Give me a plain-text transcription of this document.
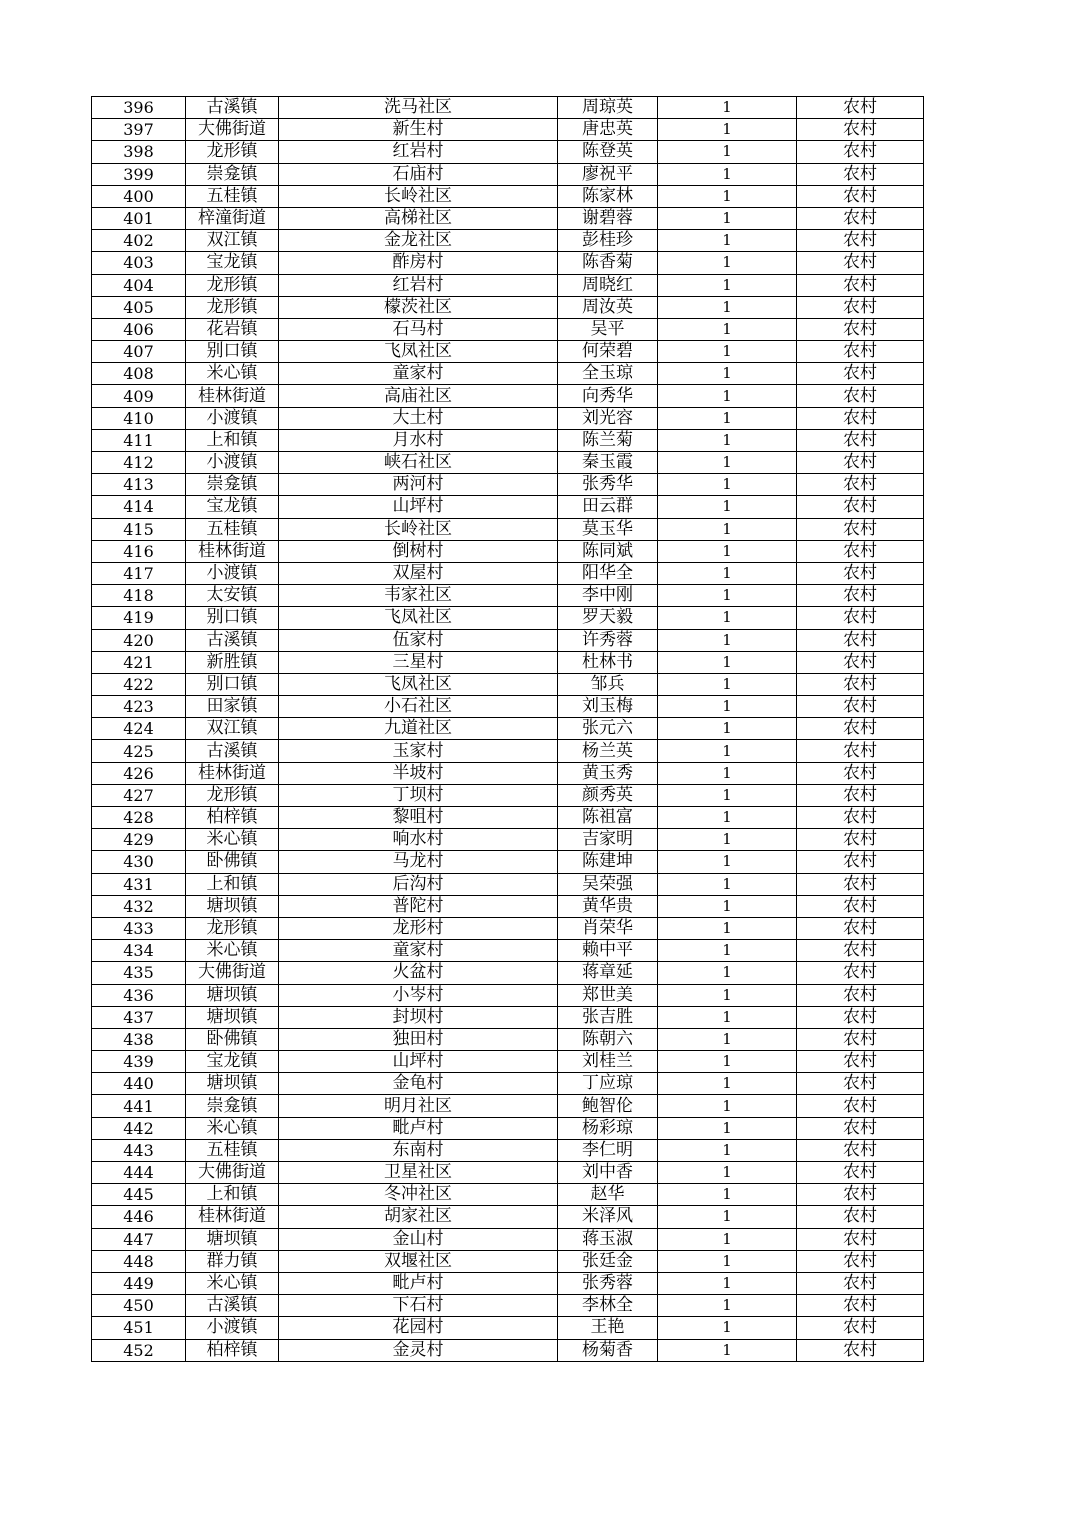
396	古溪镇	洗马社区	周琼英	1	农村
397	大佛街道	新生村	唐忠英	1	农村
398	龙形镇	红岩村	陈登英	1	农村
399	崇龛镇	石庙村	廖祝平	1	农村
400	五桂镇	长岭社区	陈家林	1	农村
401	梓潼街道	高梯社区	谢碧蓉	1	农村
402	双江镇	金龙社区	彭桂珍	1	农村
403	宝龙镇	酢房村	陈香菊	1	农村
404	龙形镇	红岩村	周晓红	1	农村
405	龙形镇	檬茨社区	周汝英	1	农村
406	花岩镇	石马村	吴平	1	农村
407	别口镇	飞凤社区	何荣碧	1	农村
408	米心镇	童家村	全玉琼	1	农村
409	桂林街道	高庙社区	向秀华	1	农村
410	小渡镇	大土村	刘光容	1	农村
411	上和镇	月水村	陈兰菊	1	农村
412	小渡镇	峡石社区	秦玉霞	1	农村
413	崇龛镇	两河村	张秀华	1	农村
414	宝龙镇	山坪村	田云群	1	农村
415	五桂镇	长岭社区	莫玉华	1	农村
416	桂林街道	倒树村	陈同斌	1	农村
417	小渡镇	双屋村	阳华全	1	农村
418	太安镇	韦家社区	李中刚	1	农村
419	别口镇	飞凤社区	罗天毅	1	农村
420	古溪镇	伍家村	许秀蓉	1	农村
421	新胜镇	三星村	杜林书	1	农村
422	别口镇	飞凤社区	邹兵	1	农村
423	田家镇	小石社区	刘玉梅	1	农村
424	双江镇	九道社区	张元六	1	农村
425	古溪镇	玉家村	杨兰英	1	农村
426	桂林街道	半坡村	黄玉秀	1	农村
427	龙形镇	丁坝村	颜秀英	1	农村
428	柏梓镇	黎咀村	陈祖富	1	农村
429	米心镇	响水村	吉家明	1	农村
430	卧佛镇	马龙村	陈建坤	1	农村
431	上和镇	后沟村	吴荣强	1	农村
432	塘坝镇	普陀村	黄华贵	1	农村
433	龙形镇	龙形村	肖荣华	1	农村
434	米心镇	童家村	赖中平	1	农村
435	大佛街道	火盆村	蒋章延	1	农村
436	塘坝镇	小岑村	郑世美	1	农村
437	塘坝镇	封坝村	张吉胜	1	农村
438	卧佛镇	独田村	陈朝六	1	农村
439	宝龙镇	山坪村	刘桂兰	1	农村
440	塘坝镇	金龟村	丁应琼	1	农村
441	崇龛镇	明月社区	鲍智伦	1	农村
442	米心镇	毗卢村	杨彩琼	1	农村
443	五桂镇	东南村	李仁明	1	农村
444	大佛街道	卫星社区	刘中香	1	农村
445	上和镇	冬冲社区	赵华	1	农村
446	桂林街道	胡家社区	米泽风	1	农村
447	塘坝镇	金山村	蒋玉淑	1	农村
448	群力镇	双堰社区	张廷金	1	农村
449	米心镇	毗卢村	张秀蓉	1	农村
450	古溪镇	下石村	李林全	1	农村
451	小渡镇	花园村	王艳	1	农村
452	柏梓镇	金灵村	杨菊香	1	农村
